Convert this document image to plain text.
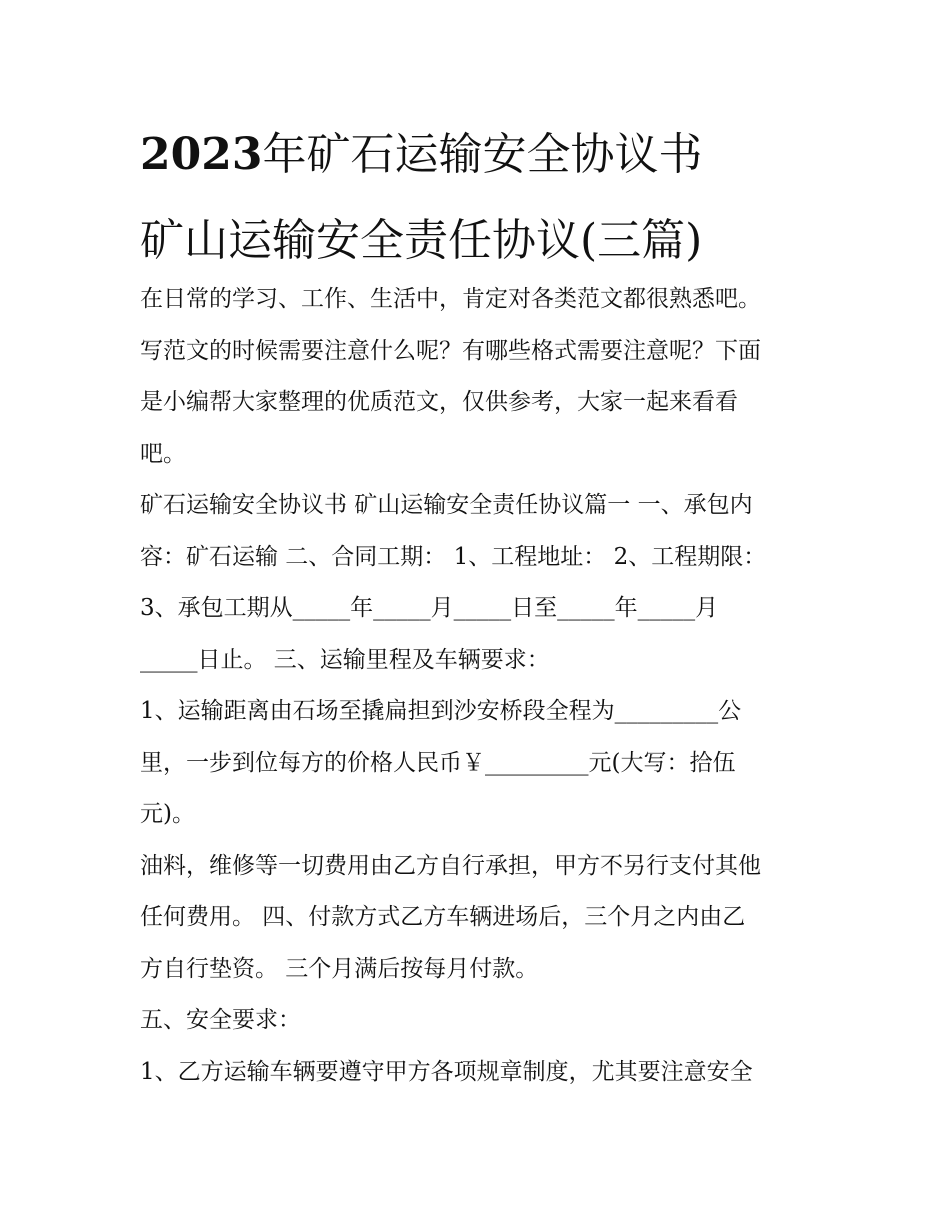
2023年矿石运输安全协议书
矿山运输安全责任协议(三篇)

在日常的学习、工作、生活中，肯定对各类范文都很熟悉吧。
写范文的时候需要注意什么呢？有哪些格式需要注意呢？下面
是小编帮大家整理的优质范文，仅供参考，大家一起来看看
吧。

矿石运输安全协议书 矿山运输安全责任协议篇一 一、承包内
容：矿石运输 二、合同工期： 1、工程地址： 2、工程期限：
3、承包工期从_____年_____月_____日至_____年_____月
_____日止。 三、运输里程及车辆要求：

1、运输距离由石场至撬扁担到沙安桥段全程为_________公
里，一步到位每方的价格人民币￥_________元(大写：拾伍
元)。

油料，维修等一切费用由乙方自行承担，甲方不另行支付其他
任何费用。 四、付款方式乙方车辆进场后，三个月之内由乙
方自行垫资。 三个月满后按每月付款。

五、安全要求：

1、乙方运输车辆要遵守甲方各项规章制度，尤其要注意安全
